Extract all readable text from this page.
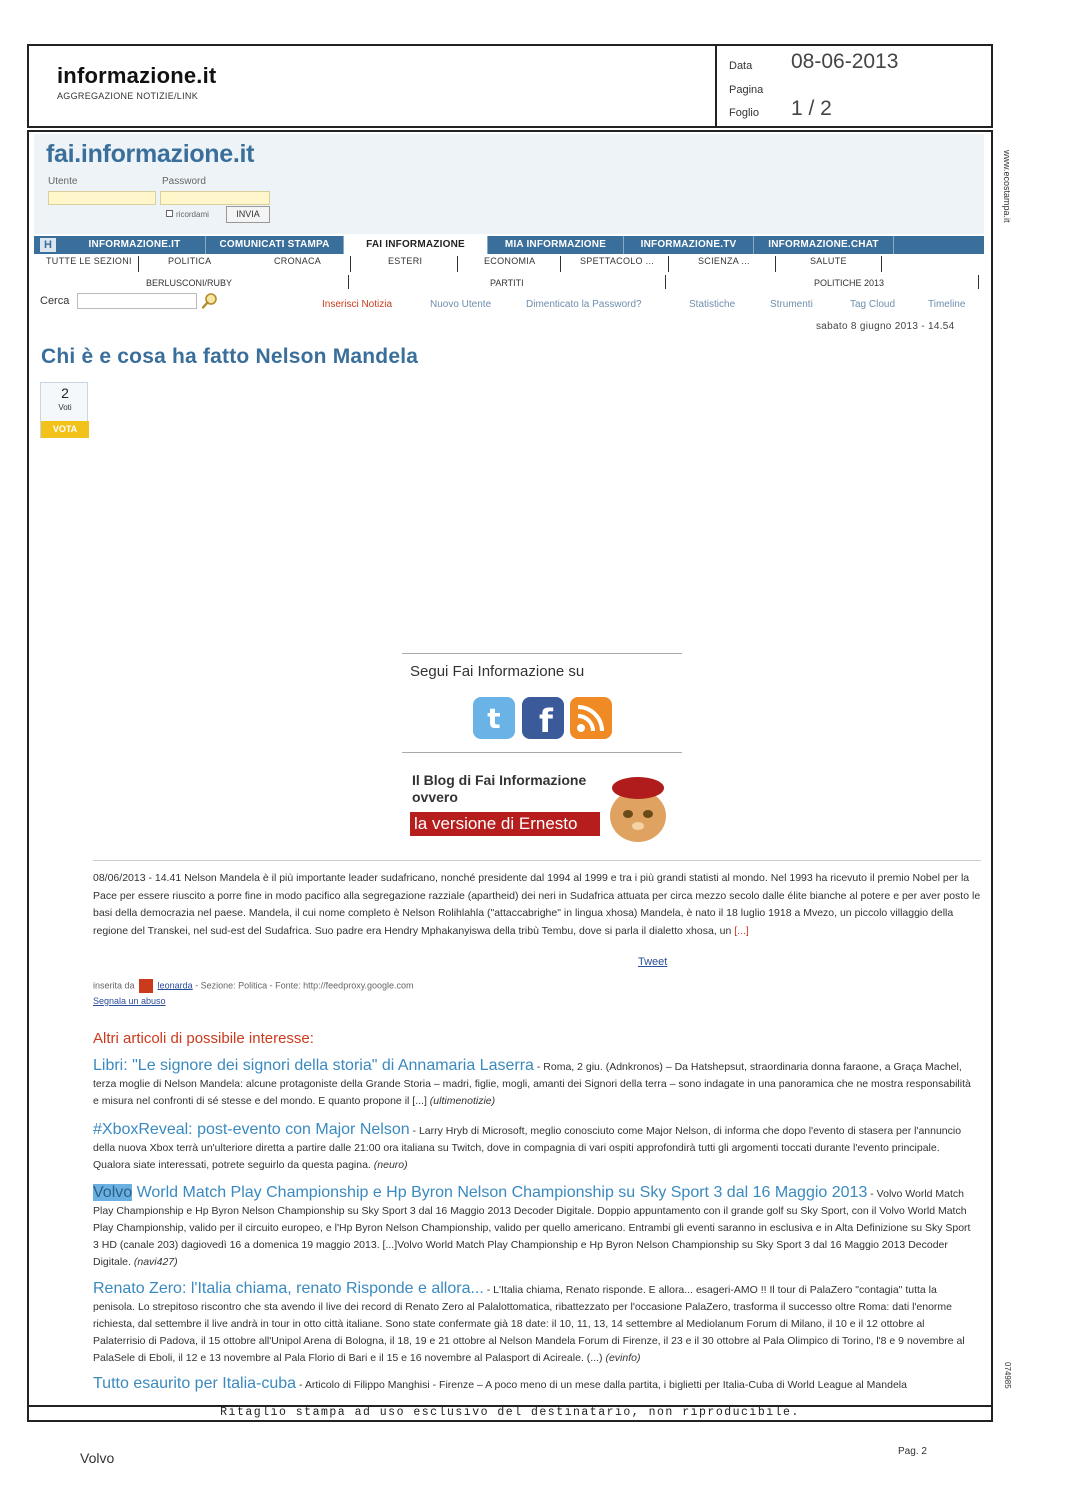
informazione.it
AGGREGAZIONE NOTIZIE/LINK
Data 08-06-2013
Pagina
Foglio 1 / 2
www.ecostampa.it
074985
fai.informazione.it
Utente	Password
ricordami	INVIA
INFORMAZIONE.IT	COMUNICATI STAMPA	FAI INFORMAZIONE	MIA INFORMAZIONE	INFORMAZIONE.TV	INFORMAZIONE.CHAT
H
TUTTE LE SEZIONI	POLITICA	CRONACA	ESTERI	ECONOMIA	SPETTACOLO ...	SCIENZA ...	SALUTE
BERLUSCONI/RUBY	PARTITI	POLITICHE 2013
Cerca	Inserisci Notizia	Nuovo Utente	Dimenticato la Password?	Statistiche	Strumenti	Tag Cloud	Timeline
sabato 8 giugno 2013 - 14.54
Chi è e cosa ha fatto Nelson Mandela
2
Voti
VOTA
Segui Fai Informazione su
t f
Il Blog di Fai Informazione ovvero
la versione di Ernesto
08/06/2013 - 14.41 Nelson Mandela è il più importante leader sudafricano, nonché presidente dal 1994 al 1999 e tra i più grandi statisti al mondo. Nel 1993 ha ricevuto il premio Nobel per la Pace per essere riuscito a porre fine in modo pacifico alla segregazione razziale (apartheid) dei neri in Sudafrica attuata per circa mezzo secolo dalle élite bianche al potere e per aver posto le basi della democrazia nel paese. Mandela, il cui nome completo è Nelson Rolihlahla ("attaccabrighe" in lingua xhosa) Mandela, è nato il 18 luglio 1918 a Mvezo, un piccolo villaggio della regione del Transkei, nel sud-est del Sudafrica. Suo padre era Hendry Mphakanyiswa della tribù Tembu, dove si parla il dialetto xhosa, un [...]
Tweet
inserita da	leonarda - Sezione: Politica - Fonte: http://feedproxy.google.com
Segnala un abuso
Altri articoli di possibile interesse:
Libri: "Le signore dei signori della storia" di Annamaria Laserra - Roma, 2 giu. (Adnkronos) – Da Hatshepsut, straordinaria donna faraone, a Graça Machel, terza moglie di Nelson Mandela: alcune protagoniste della Grande Storia – madri, figlie, mogli, amanti dei Signori della terra – sono indagate in una panoramica che ne mostra responsabilità e misura nel confronti di sé stesse e del mondo. E quanto propone il [...] (ultimenotizie)
#XboxReveal: post-evento con Major Nelson - Larry Hryb di Microsoft, meglio conosciuto come Major Nelson, di informa che dopo l'evento di stasera per l'annuncio della nuova Xbox terrà un'ulteriore diretta a partire dalle 21:00 ora italiana su Twitch, dove in compagnia di vari ospiti approfondirà tutti gli argomenti toccati durante l'evento principale. Qualora siate interessati, potrete seguirlo da questa pagina. (neuro)
Volvo World Match Play Championship e Hp Byron Nelson Championship su Sky Sport 3 dal 16 Maggio 2013 - Volvo World Match Play Championship e Hp Byron Nelson Championship su Sky Sport 3 dal 16 Maggio 2013 Decoder Digitale. Doppio appuntamento con il grande golf su Sky Sport, con il Volvo World Match Play Championship, valido per il circuito europeo, e l'Hp Byron Nelson Championship, valido per quello americano. Entrambi gli eventi saranno in esclusiva e in Alta Definizione su Sky Sport 3 HD (canale 203) dagiovedì 16 a domenica 19 maggio 2013. [...]Volvo World Match Play Championship e Hp Byron Nelson Championship su Sky Sport 3 dal 16 Maggio 2013 Decoder Digitale. (navi427)
Renato Zero: l'Italia chiama, renato Risponde e allora... - L'Italia chiama, Renato risponde. E allora... esageri-AMO !! Il tour di PalaZero "contagia" tutta la penisola. Lo strepitoso riscontro che sta avendo il live dei record di Renato Zero al Palalottomatica, ribattezzato per l'occasione PalaZero, trasforma il successo oltre Roma: dati l'enorme richiesta, dal settembre il live andrà in tour in otto città italiane. Sono state confermate già 18 date: il 10, 11, 13, 14 settembre al Mediolanum Forum di Milano, il 10 e il 12 ottobre al Palaterrisio di Padova, il 15 ottobre all'Unipol Arena di Bologna, il 18, 19 e 21 ottobre al Nelson Mandela Forum di Firenze, il 23 e il 30 ottobre al Pala Olimpico di Torino, l'8 e 9 novembre al PalaSele di Eboli, il 12 e 13 novembre al Pala Florio di Bari e il 15 e 16 novembre al Palasport di Acireale. (...) (evinfo)
Tutto esaurito per Italia-cuba - Articolo di Filippo Manghisi - Firenze – A poco meno di un mese dalla partita, i biglietti per Italia-Cuba di World League al Mandela
Ritaglio stampa ad uso esclusivo del destinatario, non riproducibile.
Volvo	Pag. 2
